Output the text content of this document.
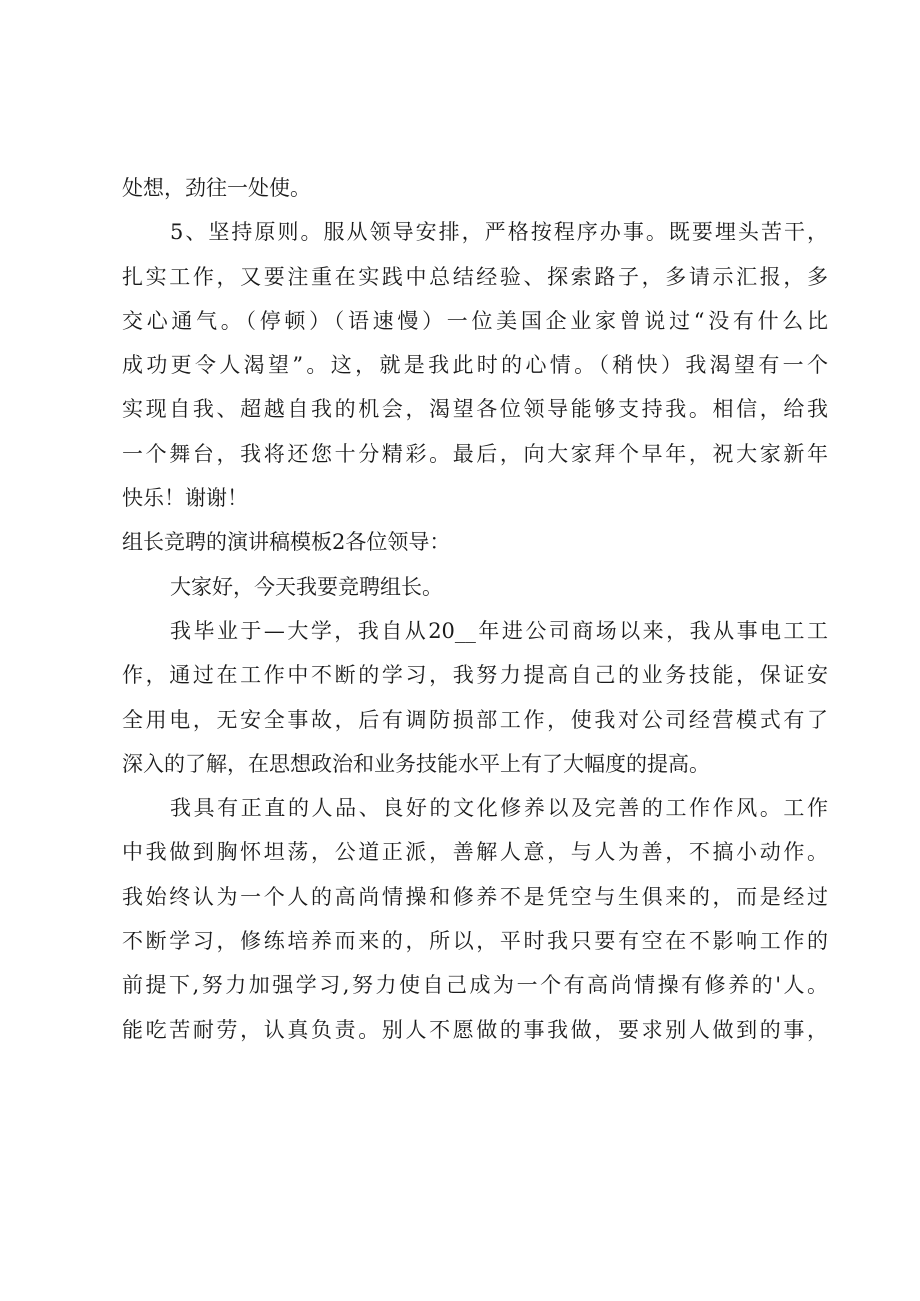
处想，劲往一处使。
5、坚持原则。服从领导安排，严格按程序办事。既要埋头苦干，
扎实工作，又要注重在实践中总结经验、探索路子，多请示汇报，多
交心通气。（停顿）（语速慢）一位美国企业家曾说过“没有什么比
成功更令人渴望”。这，就是我此时的心情。（稍快）我渴望有一个
实现自我、超越自我的机会，渴望各位领导能够支持我。相信，给我
一个舞台，我将还您十分精彩。最后，向大家拜个早年，祝大家新年
快乐！谢谢！
组长竞聘的演讲稿模板2各位领导：
大家好，今天我要竞聘组长。
我毕业于—大学，我自从20__年进公司商场以来，我从事电工工
作，通过在工作中不断的学习，我努力提高自己的业务技能，保证安
全用电，无安全事故，后有调防损部工作，使我对公司经营模式有了
深入的了解，在思想政治和业务技能水平上有了大幅度的提高。
我具有正直的人品、良好的文化修养以及完善的工作作风。工作
中我做到胸怀坦荡，公道正派，善解人意，与人为善，不搞小动作。
我始终认为一个人的高尚情操和修养不是凭空与生俱来的，而是经过
不断学习，修练培养而来的，所以，平时我只要有空在不影响工作的
前提下,努力加强学习,努力使自己成为一个有高尚情操有修养的'人。
能吃苦耐劳，认真负责。别人不愿做的事我做，要求别人做到的事，
